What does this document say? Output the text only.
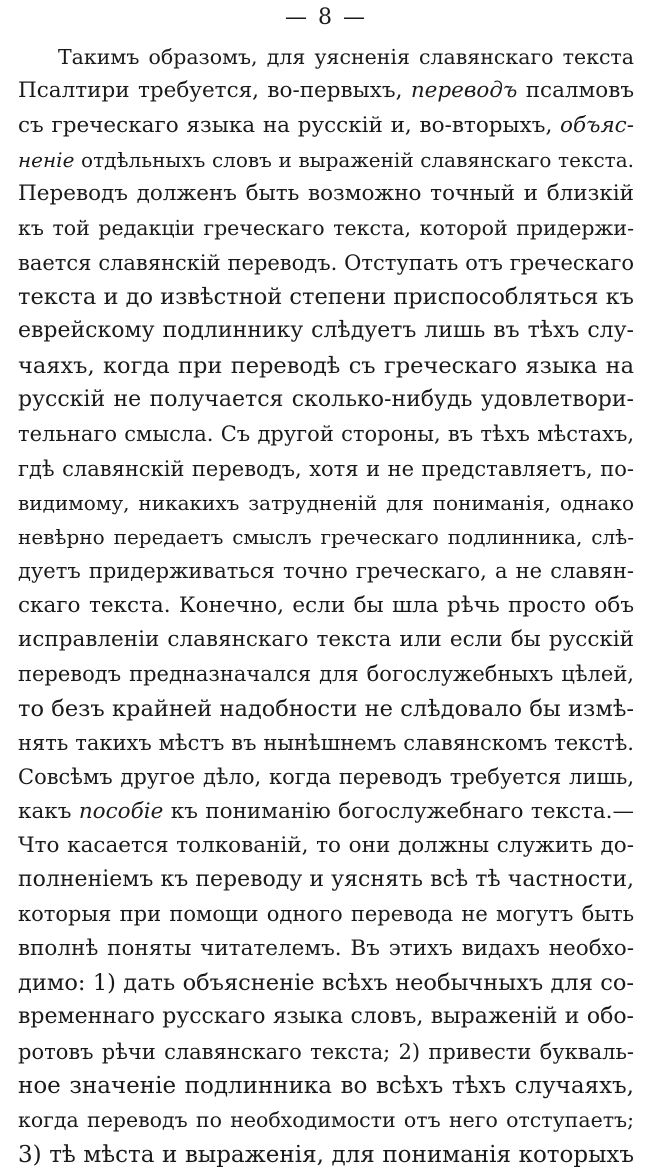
— 8 —
Такимъ образомъ, для уясненія славянскаго текста
Псалтири требуется, во-первыхъ, переводъ псалмовъ
съ греческаго языка на русскій и, во-вторыхъ, объяс-
неніе отдѣльныхъ словъ и выраженій славянскаго текста.
Переводъ долженъ быть возможно точный и близкій
къ той редакціи греческаго текста, которой придержи-
вается славянскій переводъ. Отступать отъ греческаго
текста и до извѣстной степени приспособляться къ
еврейскому подлиннику слѣдуетъ лишь въ тѣхъ слу-
чаяхъ, когда при переводѣ съ греческаго языка на
русскій не получается сколько-нибудь удовлетвори-
тельнаго смысла. Съ другой стороны, въ тѣхъ мѣстахъ,
гдѣ славянскій переводъ, хотя и не представляетъ, по-
видимому, никакихъ затрудненій для пониманія, однако
невѣрно передаетъ смыслъ греческаго подлинника, слѣ-
дуетъ придерживаться точно греческаго, а не славян-
скаго текста. Конечно, если бы шла рѣчь просто объ
исправленіи славянскаго текста или если бы русскій
переводъ предназначался для богослужебныхъ цѣлей,
то безъ крайней надобности не слѣдовало бы измѣ-
нять такихъ мѣстъ въ нынѣшнемъ славянскомъ текстѣ.
Совсѣмъ другое дѣло, когда переводъ требуется лишь,
какъ пособіе къ пониманію богослужебнаго текста.—
Что касается толкованій, то они должны служить до-
полненіемъ къ переводу и уяснять всѣ тѣ частности,
которыя при помощи одного перевода не могутъ быть
вполнѣ поняты читателемъ. Въ этихъ видахъ необхо-
димо: 1) дать объясненіе всѣхъ необычныхъ для со-
временнаго русскаго языка словъ, выраженій и обо-
ротовъ рѣчи славянскаго текста; 2) привести букваль-
ное значеніе подлинника во всѣхъ тѣхъ случаяхъ,
когда переводъ по необходимости отъ него отступаетъ;
3) тѣ мѣста и выраженія, для пониманія которыхъ
